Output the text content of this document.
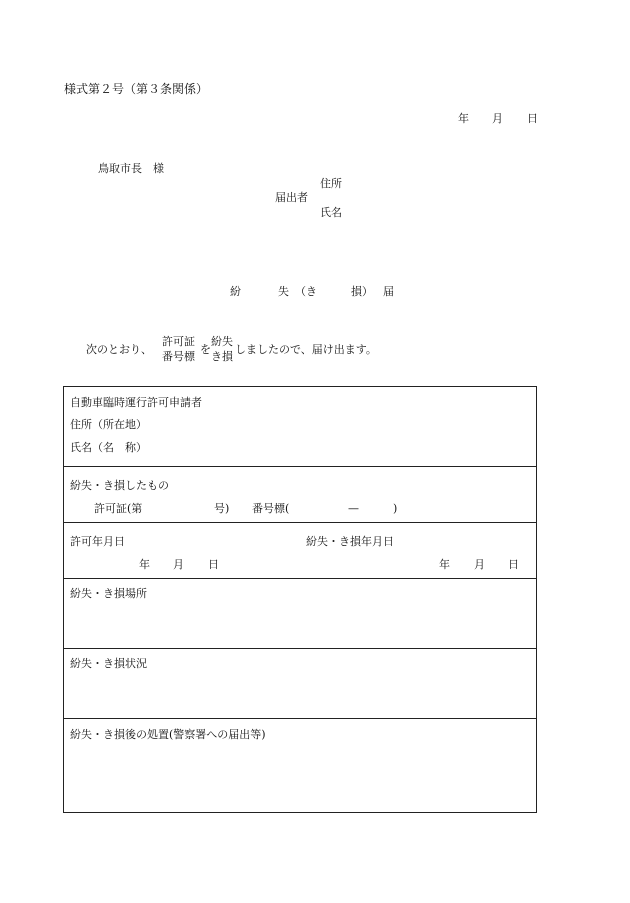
様式第２号（第３条関係）
年 月 日
鳥取市長　様
住所
届出者
氏名
紛	失 （き	損） 届
次のとおり、
許可証
番号標
を
紛失
き損
しましたので、届け出ます。
自動車臨時運行許可申請者
住所（所在地）
氏名（名　称）
紛失・き損したもの
許可証(第	号) 番号標(	—	)
許可年月日	紛失・き損年月日
年 月 日	年 月 日
紛失・き損場所
紛失・き損状況
紛失・き損後の処置(警察署への届出等)
